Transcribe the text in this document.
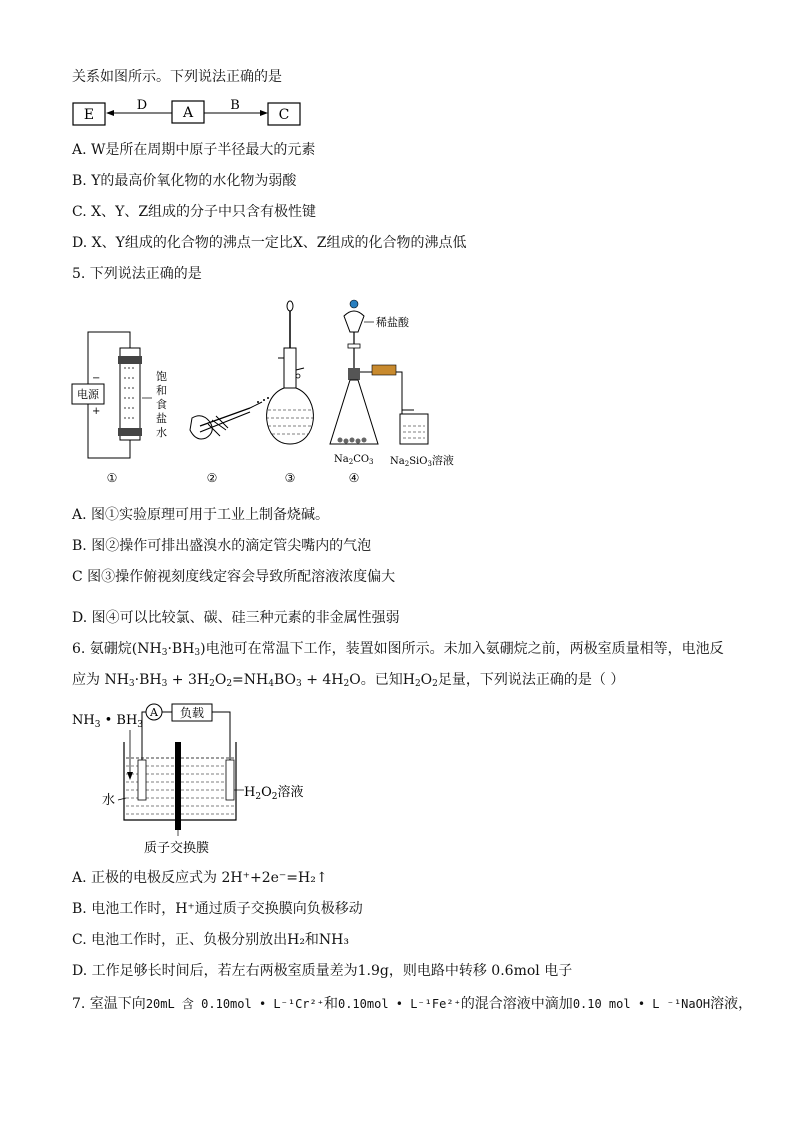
关系如图所示。下列说法正确的是
E	A	C
D	B
A. W是所在周期中原子半径最大的元素
B. Y的最高价氧化物的水化物为弱酸
C. X、Y、Z组成的分子中只含有极性键
D. X、Y组成的化合物的沸点一定比X、Z组成的化合物的沸点低
5. 下列说法正确的是
电源
−
+
饱
和
食
盐
水
①	②	③
稀盐酸
$Na_2CO_3$ $Na_2SiO_3$溶液
④
A. 图①实验原理可用于工业上制备烧碱。
B. 图②操作可排出盛溴水的滴定管尖嘴内的气泡
C 图③操作俯视刻度线定容会导致所配溶液浓度偏大
D. 图④可以比较氯、碳、硅三种元素的非金属性强弱
6. 氨硼烷$(NH_3\cdot BH_3)$电池可在常温下工作，装置如图所示。未加入氨硼烷之前，两极室质量相等，电池反
应为 $NH_3\cdot BH_3 + 3H_2O_2=NH_4BO_3 + 4H_2O$。已知$H_2O_2$足量，下列说法正确的是（ ）
$NH_3$ • $BH_3$
A 负载
水
$H_2O_2$溶液
质子交换膜
A. 正极的电极反应式为 2H⁺+2e⁻=H₂↑
B. 电池工作时，H⁺通过质子交换膜向负极移动
C. 电池工作时，正、负极分别放出H₂和NH₃
D. 工作足够长时间后，若左右两极室质量差为1.9g，则电路中转移 0.6mol 电子
7. 室温下向20mL 含 0.10mol • L⁻¹Cr²⁺和0.10mol • L⁻¹Fe²⁺的混合溶液中滴加0.10 mol • L ⁻¹NaOH溶液，
